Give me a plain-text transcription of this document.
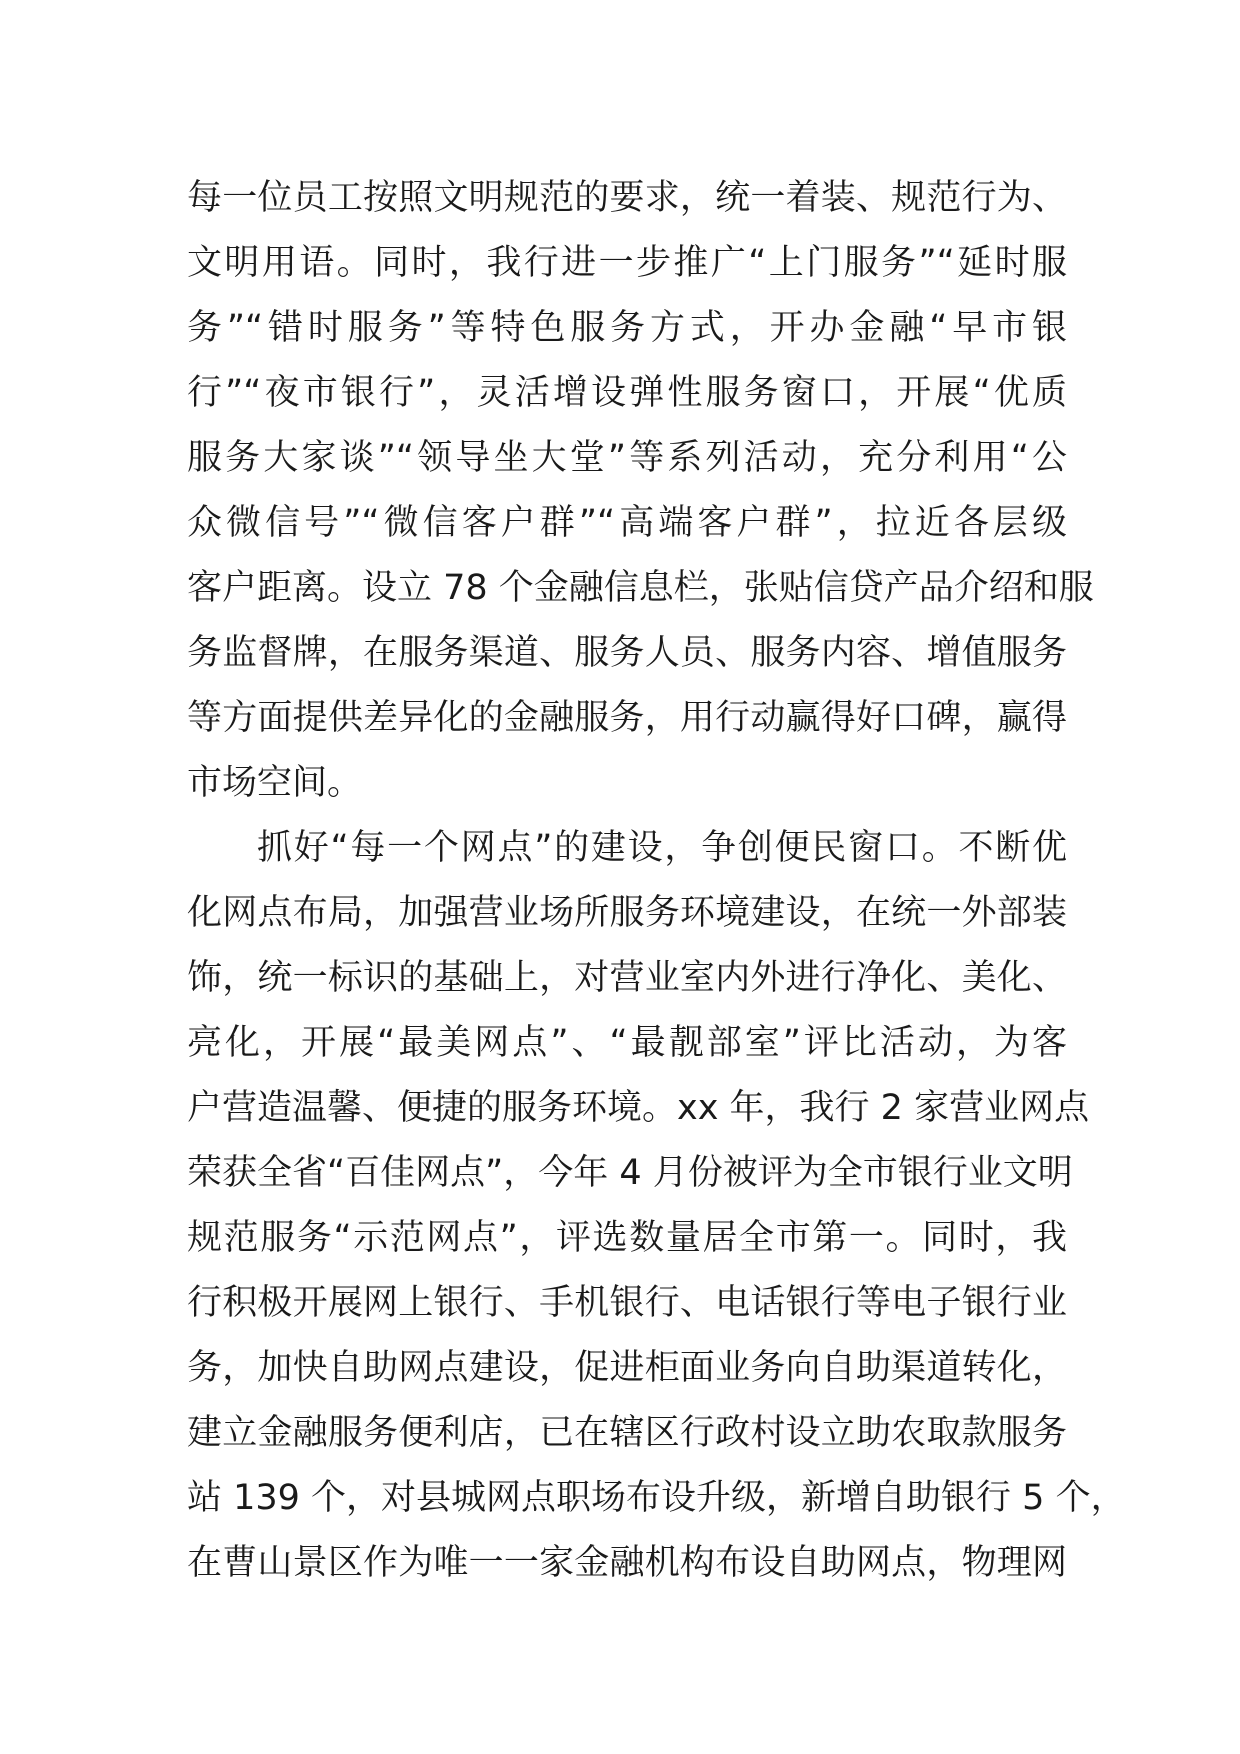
每一位员工按照文明规范的要求，统一着装、规范行为、
文明用语。同时，我行进一步推广“上门服务”“延时服
务”“错时服务”等特色服务方式，开办金融“早市银
行”“夜市银行”，灵活增设弹性服务窗口，开展“优质
服务大家谈”“领导坐大堂”等系列活动，充分利用“公
众微信号”“微信客户群”“高端客户群”，拉近各层级
客户距离。设立 78 个金融信息栏，张贴信贷产品介绍和服
务监督牌，在服务渠道、服务人员、服务内容、增值服务
等方面提供差异化的金融服务，用行动赢得好口碑，赢得
市场空间。
抓好“每一个网点”的建设，争创便民窗口。不断优
化网点布局，加强营业场所服务环境建设，在统一外部装
饰，统一标识的基础上，对营业室内外进行净化、美化、
亮化，开展“最美网点”、“最靓部室”评比活动，为客
户营造温馨、便捷的服务环境。xx 年，我行 2 家营业网点
荣获全省“百佳网点”，今年 4 月份被评为全市银行业文明
规范服务“示范网点”，评选数量居全市第一。同时，我
行积极开展网上银行、手机银行、电话银行等电子银行业
务，加快自助网点建设，促进柜面业务向自助渠道转化，
建立金融服务便利店，已在辖区行政村设立助农取款服务
站 139 个，对县城网点职场布设升级，新增自助银行 5 个，
在曹山景区作为唯一一家金融机构布设自助网点，物理网
